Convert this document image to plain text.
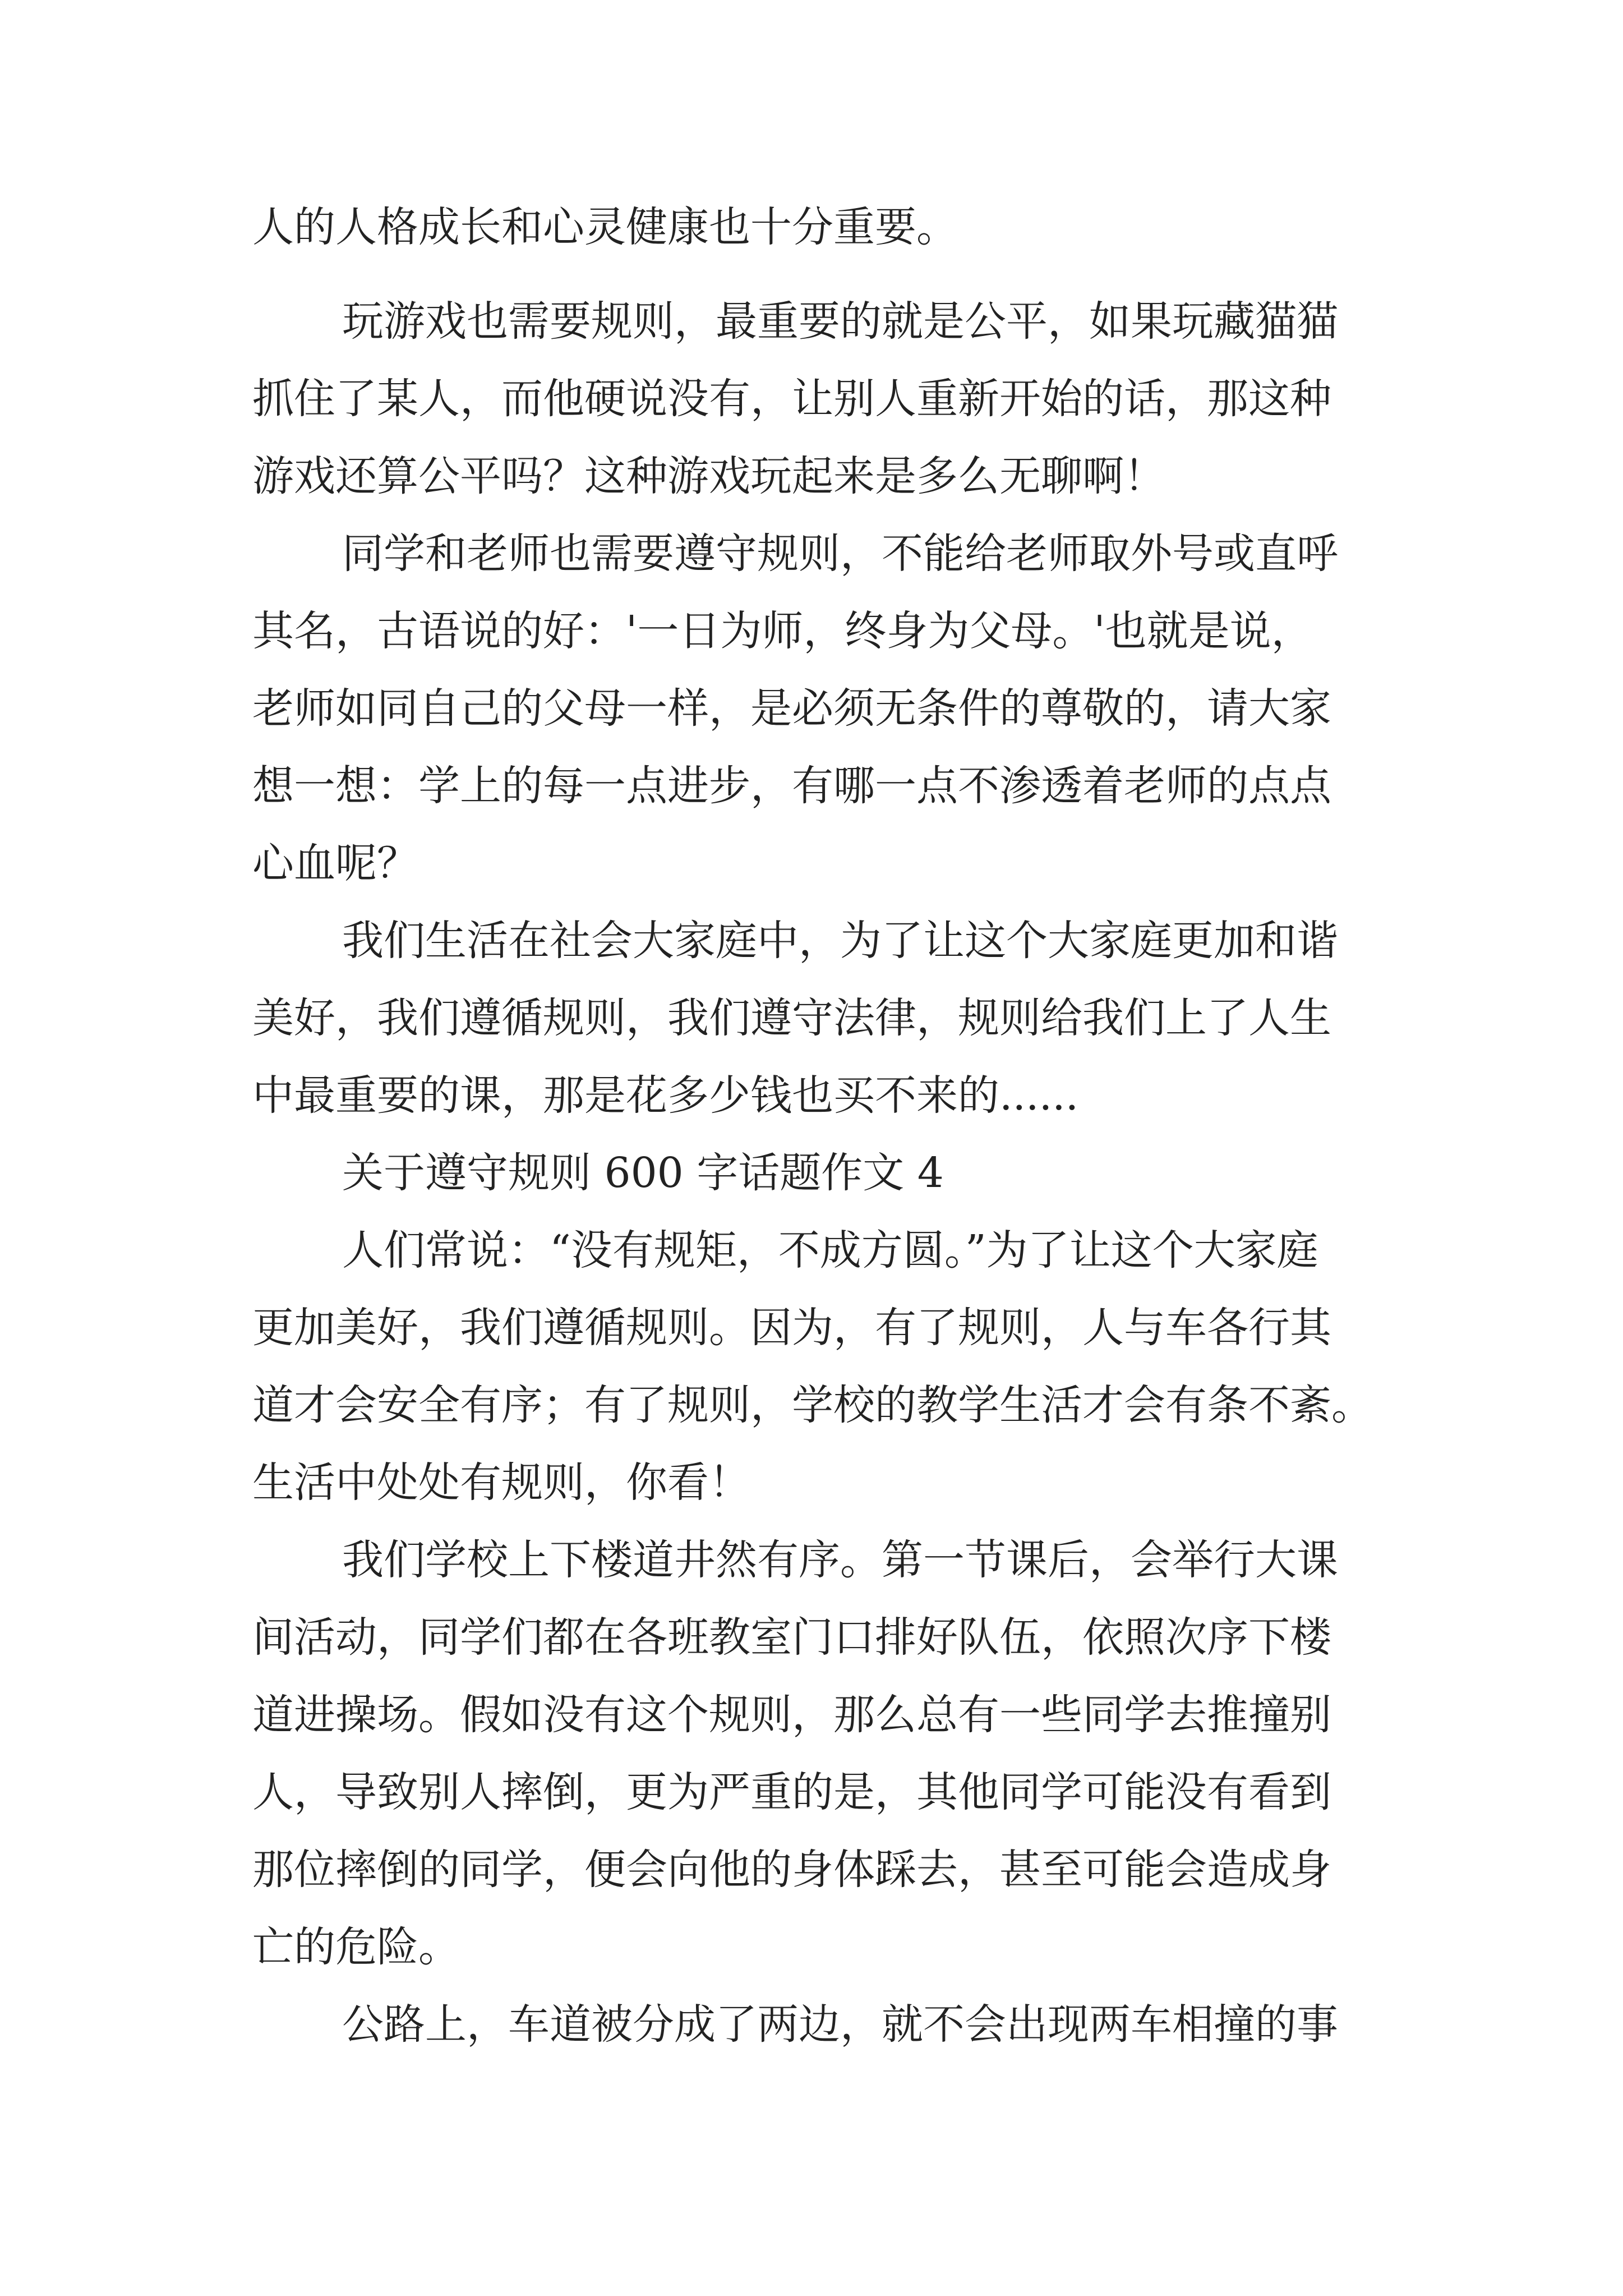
人的人格成长和心灵健康也十分重要。
玩游戏也需要规则，最重要的就是公平，如果玩藏猫猫
抓住了某人，而他硬说没有，让别人重新开始的话，那这种
游戏还算公平吗？这种游戏玩起来是多么无聊啊！
同学和老师也需要遵守规则，不能给老师取外号或直呼
其名，古语说的好：'一日为师，终身为父母。'也就是说，
老师如同自己的父母一样，是必须无条件的尊敬的，请大家
想一想：学上的每一点进步，有哪一点不渗透着老师的点点
心血呢？
我们生活在社会大家庭中，为了让这个大家庭更加和谐
美好，我们遵循规则，我们遵守法律，规则给我们上了人生
中最重要的课，那是花多少钱也买不来的......
关于遵守规则 600 字话题作文 4
人们常说：“没有规矩，不成方圆。”为了让这个大家庭
更加美好，我们遵循规则。因为，有了规则，人与车各行其
道才会安全有序；有了规则，学校的教学生活才会有条不紊。
生活中处处有规则，你看！
我们学校上下楼道井然有序。第一节课后，会举行大课
间活动，同学们都在各班教室门口排好队伍，依照次序下楼
道进操场。假如没有这个规则，那么总有一些同学去推撞别
人，导致别人摔倒，更为严重的是，其他同学可能没有看到
那位摔倒的同学，便会向他的身体踩去，甚至可能会造成身
亡的危险。
公路上，车道被分成了两边，就不会出现两车相撞的事
